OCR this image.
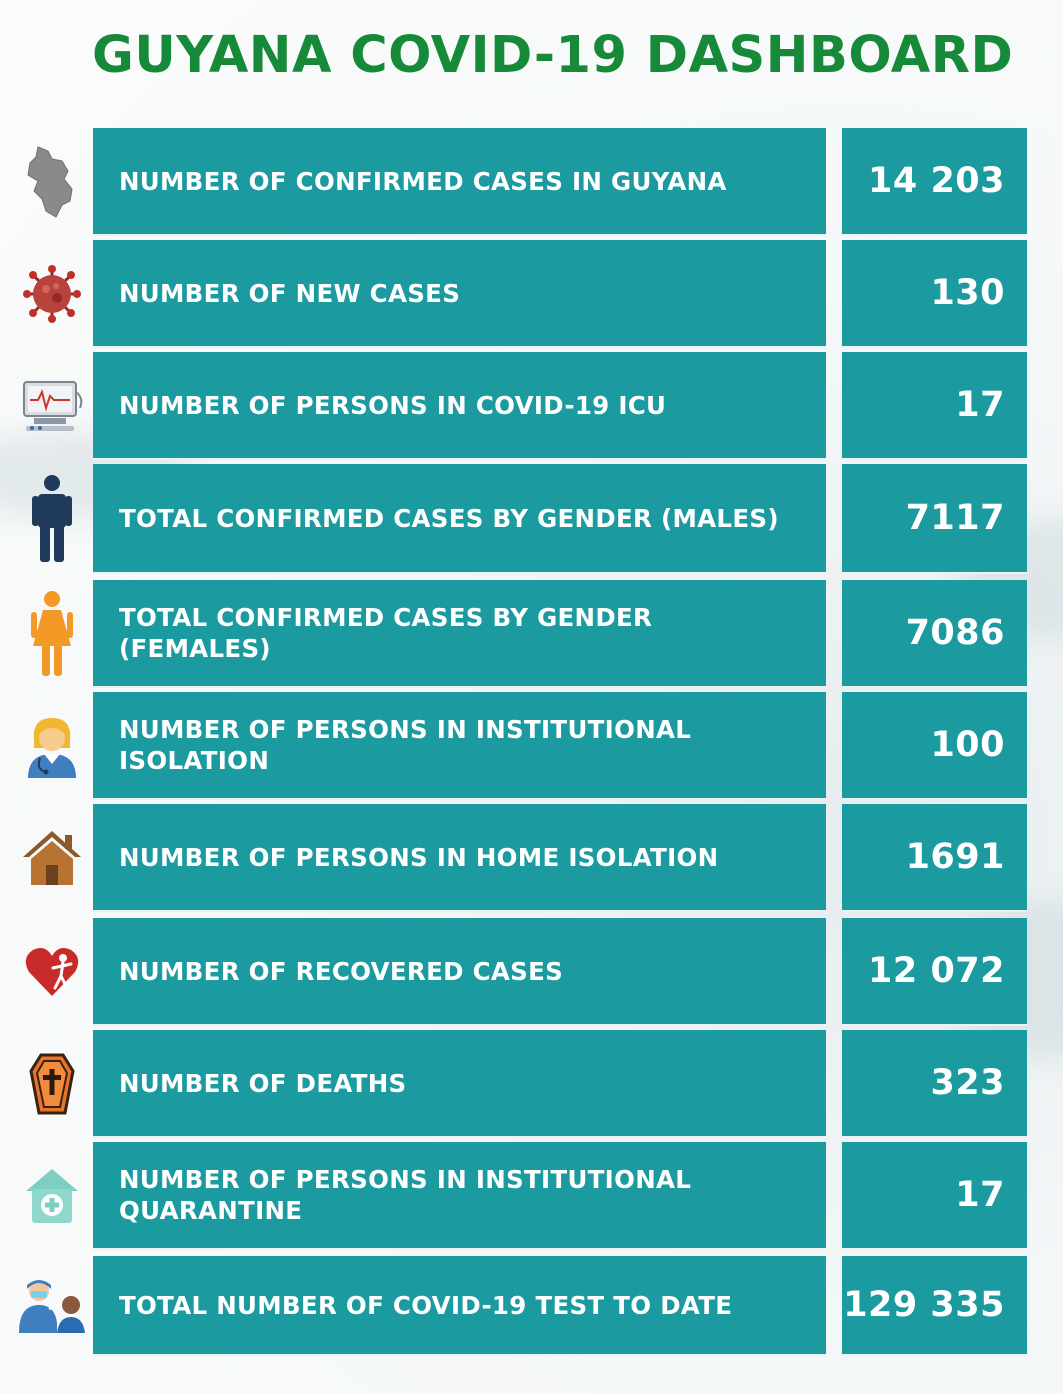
GUYANA COVID-19 DASHBOARD
NUMBER OF CONFIRMED CASES IN GUYANA	14 203
NUMBER OF NEW CASES	130
NUMBER OF PERSONS IN COVID-19 ICU	17
TOTAL CONFIRMED CASES BY GENDER (MALES)	7117
TOTAL CONFIRMED CASES BY GENDER (FEMALES)	7086
NUMBER OF PERSONS IN INSTITUTIONAL ISOLATION	100
NUMBER OF PERSONS IN HOME ISOLATION	1691
NUMBER OF RECOVERED CASES	12 072
NUMBER OF DEATHS	323
NUMBER OF PERSONS IN INSTITUTIONAL QUARANTINE	17
TOTAL NUMBER OF COVID-19 TEST TO DATE	129 335
